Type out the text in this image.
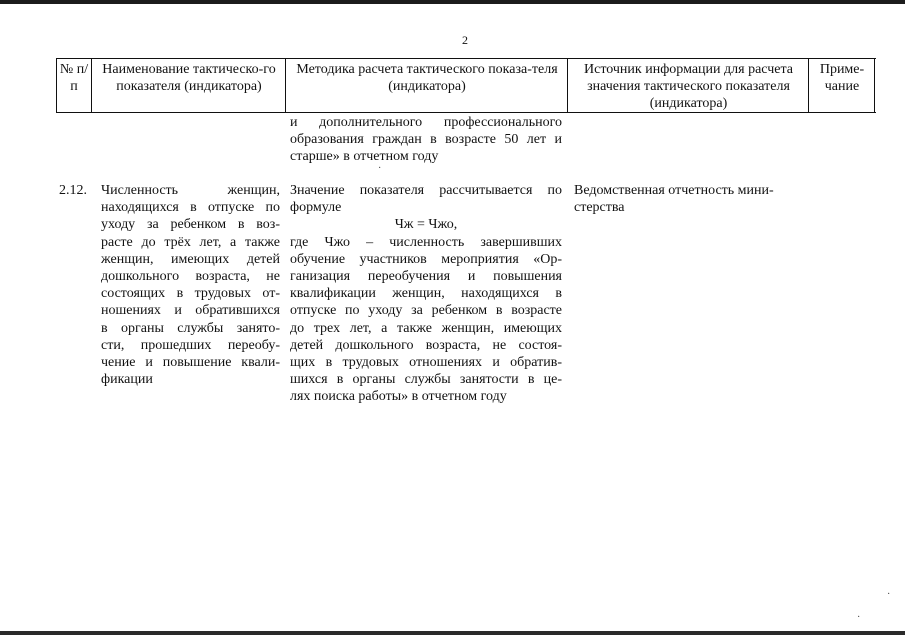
2
№ п/п
Наименование тактическо-го показателя (индикатора)
Методика расчета тактического показа-теля (индикатора)
Источник информации для расчета значения тактического показателя (индикатора)
Приме-чание
и дополнительного профессионального
образования граждан в возрасте 50 лет и
старше» в отчетном году
·
2.12.	Численность женщин,
находящихся в отпуске по
уходу за ребенком в воз-
расте до трёх лет, а также
женщин, имеющих детей
дошкольного возраста, не
состоящих в трудовых от-
ношениях и обратившихся
в органы службы занято-
сти, прошедших переобу-
чение и повышение квали-
фикации
Значение показателя рассчитывается по
формуле
Чж = Чжо,
где Чжо – численность завершивших
обучение участников мероприятия «Ор-
ганизация переобучения и повышения
квалификации женщин, находящихся в
отпуске по уходу за ребенком в возрасте
до трех лет, а также женщин, имеющих
детей дошкольного возраста, не состоя-
щих в трудовых отношениях и обратив-
шихся в органы службы занятости в це-
лях поиска работы» в отчетном году
Ведомственная отчетность мини-стерства
·
·
